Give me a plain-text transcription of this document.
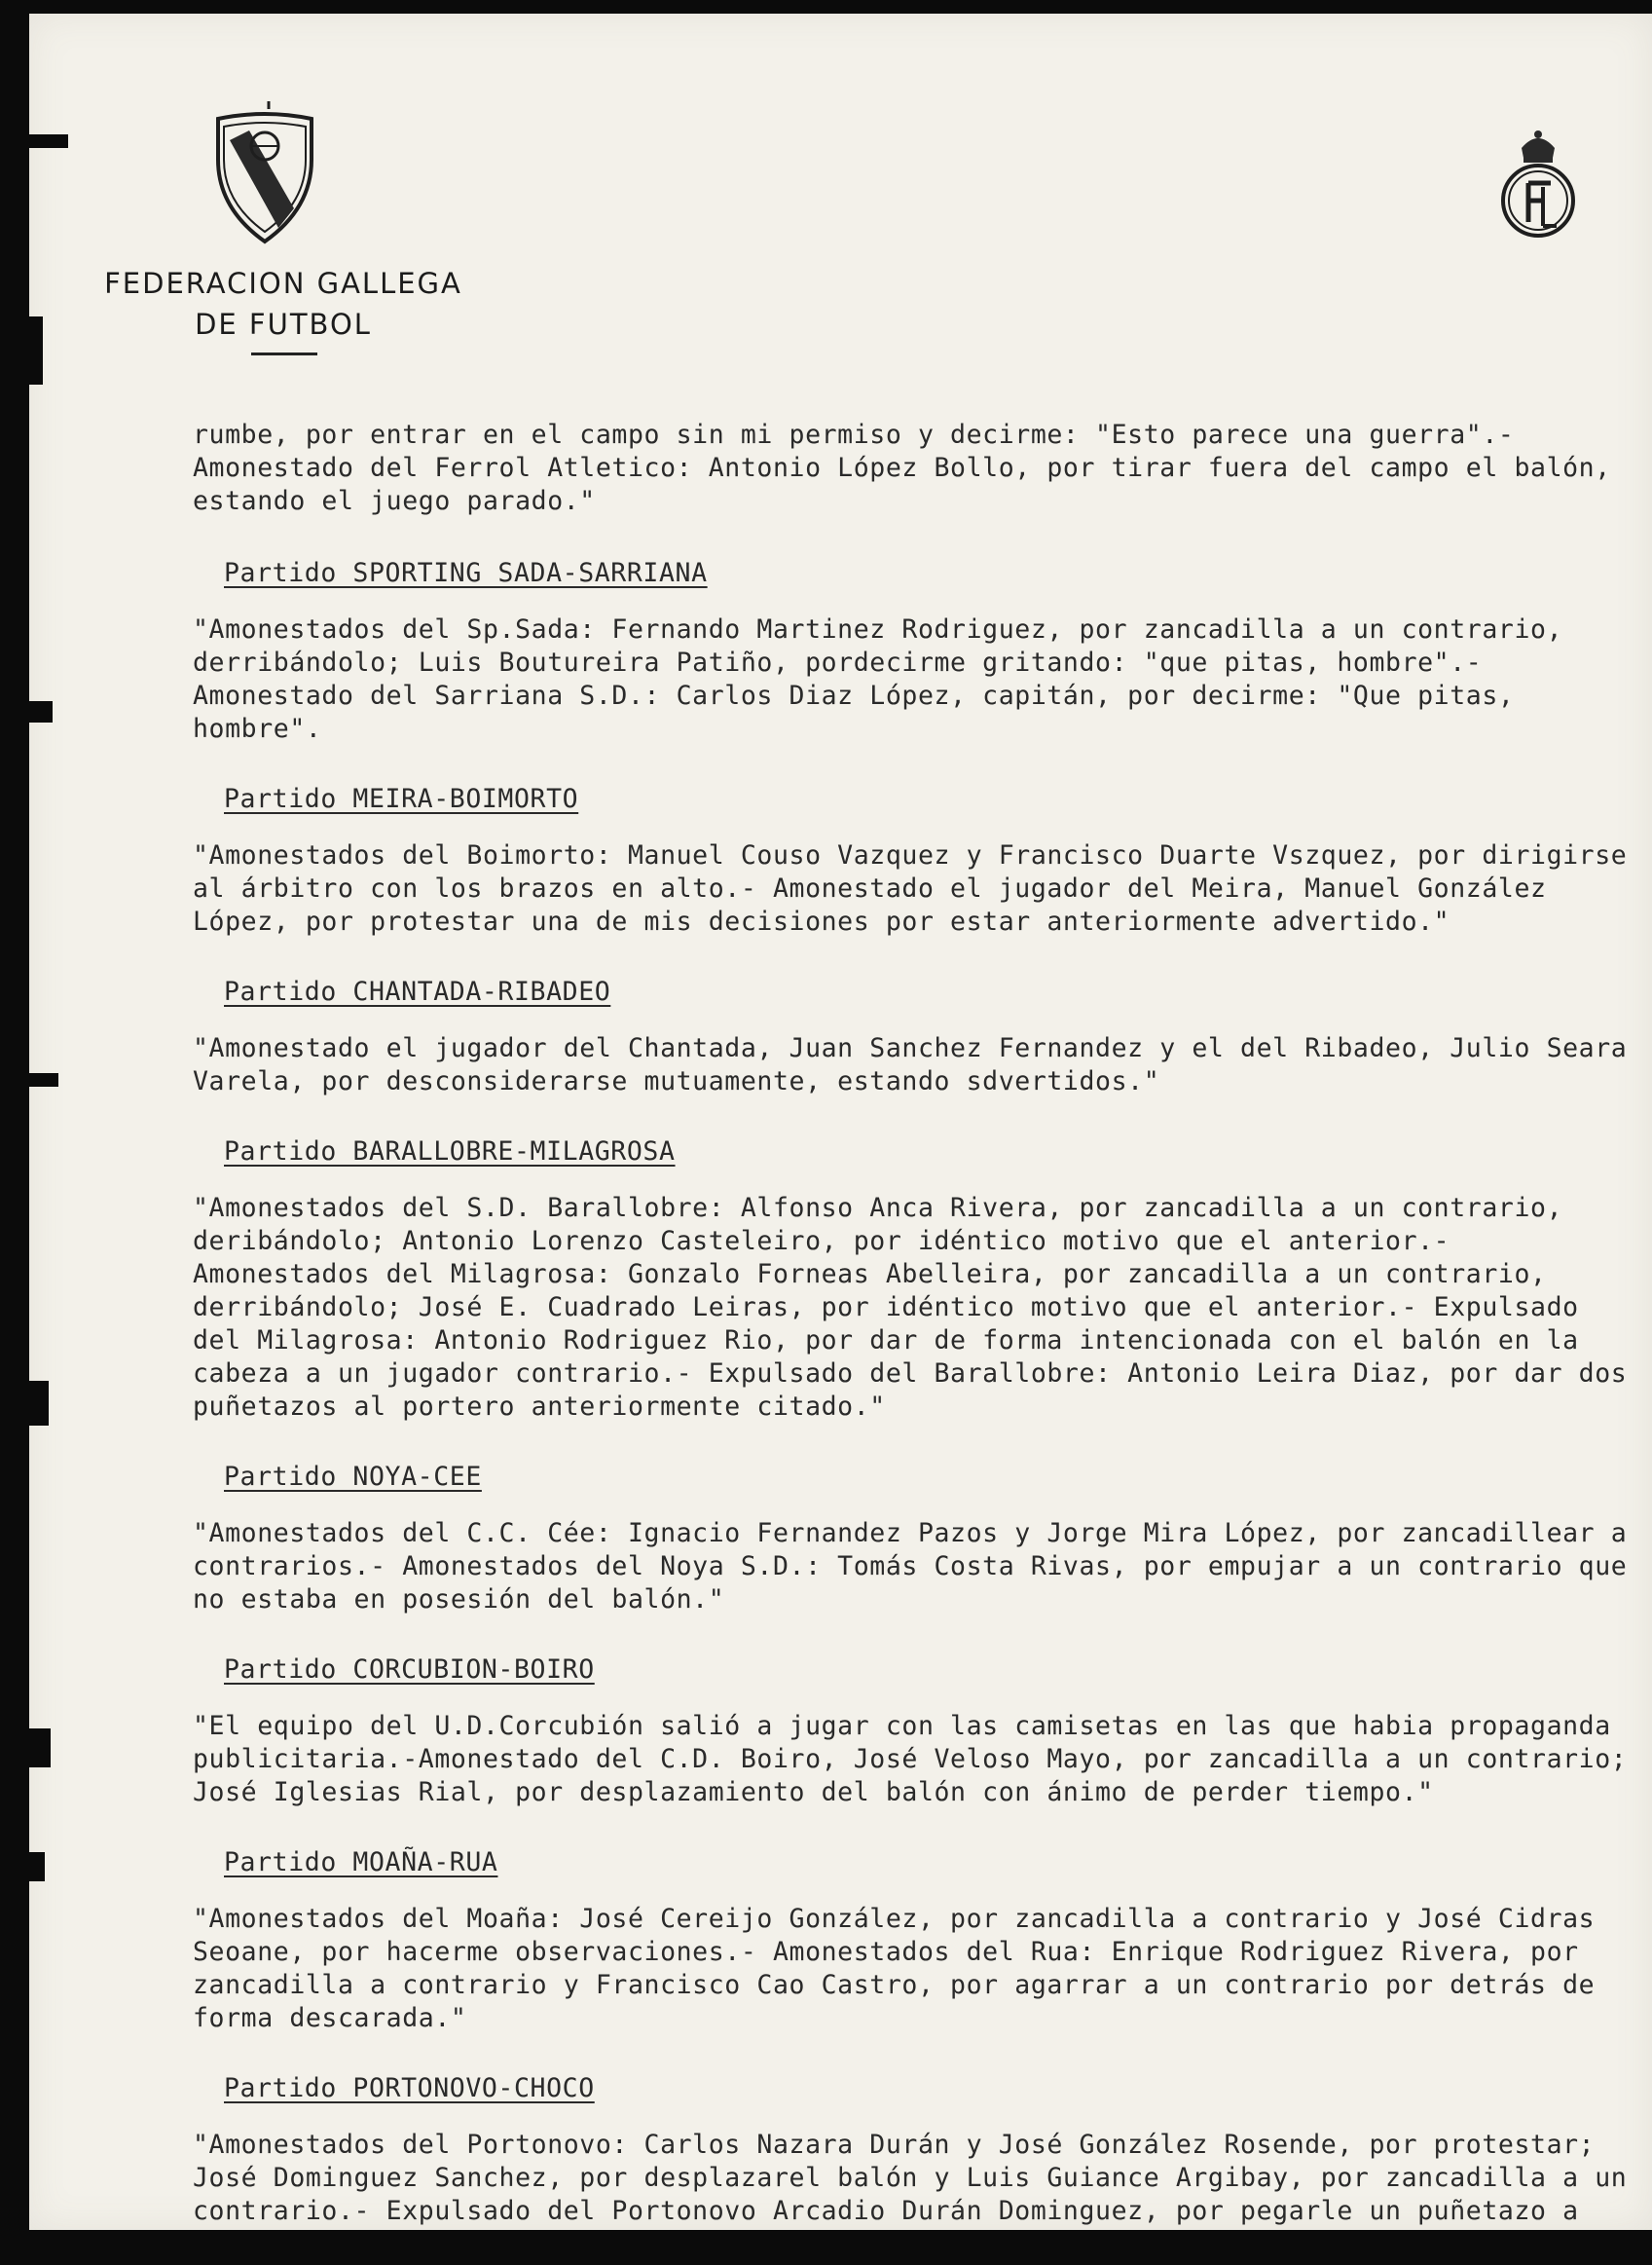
FEDERACION GALLEGA
DE FUTBOL

rumbe, por entrar en el campo sin mi permiso y decirme: "Esto parece una guerra".- Amonestado del Ferrol Atletico: Antonio López Bollo, por tirar fuera del campo el balón, estando el juego parado."

Partido SPORTING SADA-SARRIANA

"Amonestados del Sp.Sada: Fernando Martinez Rodriguez, por zancadilla a un contrario, derribándolo; Luis Boutureira Patiño, pordecirme gritando: "que pitas, hombre".- Amonestado del Sarriana S.D.: Carlos Diaz López, capitán, por decirme: "Que pitas, hombre".

Partido MEIRA-BOIMORTO

"Amonestados del Boimorto: Manuel Couso Vazquez y Francisco Duarte Vszquez, por dirigirse al árbitro con los brazos en alto.- Amonestado el jugador del Meira, Manuel González López, por protestar una de mis decisiones por estar anteriormente advertido."

Partido CHANTADA-RIBADEO

"Amonestado el jugador del Chantada, Juan Sanchez Fernandez y el del Ribadeo, Julio Seara Varela, por desconsiderarse mutuamente, estando sdvertidos."

Partido BARALLOBRE-MILAGROSA

"Amonestados del S.D. Barallobre: Alfonso Anca Rivera, por zancadilla a un contrario, deribándolo; Antonio Lorenzo Casteleiro, por idéntico motivo que el anterior.- Amonestados del Milagrosa: Gonzalo Forneas Abelleira, por zancadilla a un contrario, derribándolo; José E. Cuadrado Leiras, por idéntico motivo que el anterior.- Expulsado del Milagrosa: Antonio Rodriguez Rio, por dar de forma intencionada con el balón en la cabeza a un jugador contrario.- Expulsado del Barallobre: Antonio Leira Diaz, por dar dos puñetazos al portero anteriormente citado."

Partido NOYA-CEE

"Amonestados del C.C. Cée: Ignacio Fernandez Pazos y Jorge Mira López, por zancadillear a contrarios.- Amonestados del Noya S.D.: Tomás Costa Rivas, por empujar a un contrario que no estaba en posesión del balón."

Partido CORCUBION-BOIRO

"El equipo del U.D.Corcubión salió a jugar con las camisetas en las que habia propaganda publicitaria.-Amonestado del C.D. Boiro, José Veloso Mayo, por zancadilla a un contrario; José Iglesias Rial, por desplazamiento del balón con ánimo de perder tiempo."

Partido MOAÑA-RUA

"Amonestados del Moaña: José Cereijo González, por zancadilla a contrario y José Cidras Seoane, por hacerme observaciones.- Amonestados del Rua: Enrique Rodriguez Rivera, por zancadilla a contrario y Francisco Cao Castro, por agarrar a un contrario por detrás de forma descarada."

Partido PORTONOVO-CHOCO

"Amonestados del Portonovo: Carlos Nazara Durán y José González Rosende, por protestar; José Dominguez Sanchez, por desplazarel balón y Luis Guiance Argibay, por zancadilla a un contrario.- Expulsado del Portonovo Arcadio Durán Dominguez, por pegarle un puñetazo a
